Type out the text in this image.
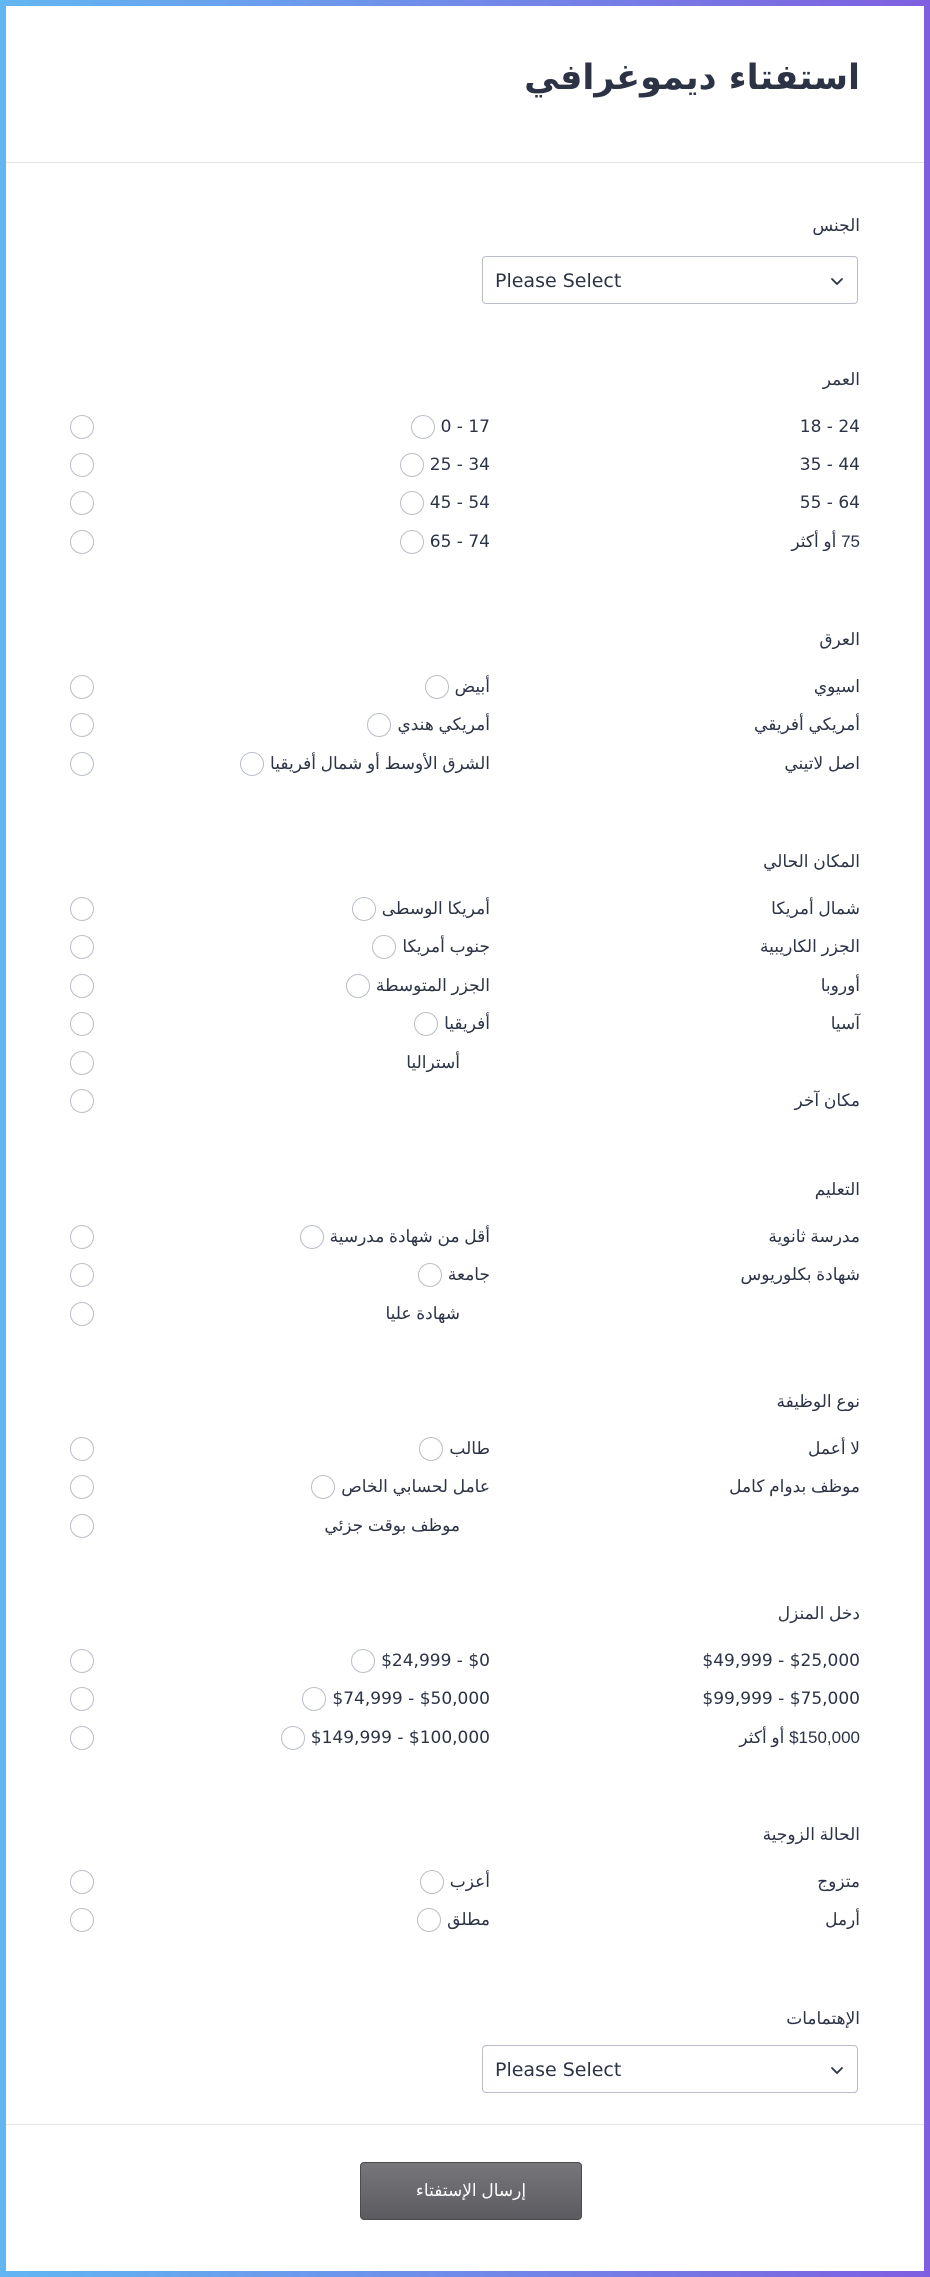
استفتاء ديموغرافي
الجنس
Please Select
العمر
24 - 18
17 - 0
44 - 35
34 - 25
64 - 55
54 - 45
75 أو أكثر
74 - 65
العرق
اسيوي
أبيض
أمريكي أفريقي
أمريكي هندي
اصل لاتيني
الشرق الأوسط أو شمال أفريقيا
المكان الحالي
شمال أمريكا
أمريكا الوسطى
الجزر الكاريبية
جنوب أمريكا
أوروبا
الجزر المتوسطة
آسيا
أفريقيا
أستراليا
مكان آخر
التعليم
مدرسة ثانوية
أقل من شهادة مدرسية
شهادة بكلوريوس
جامعة
شهادة عليا
نوع الوظيفة
لا أعمل
طالب
موظف بدوام كامل
عامل لحسابي الخاص
موظف بوقت جزئي
دخل المنزل
$25,000 - $49,999
$0 - $24,999
$75,000 - $99,999
$50,000 - $74,999
$150,000 أو أكثر
$100,000 - $149,999
الحالة الزوجية
متزوج
أعزب
أرمل
مطلق
الإهتمامات
Please Select
إرسال الإستفتاء
